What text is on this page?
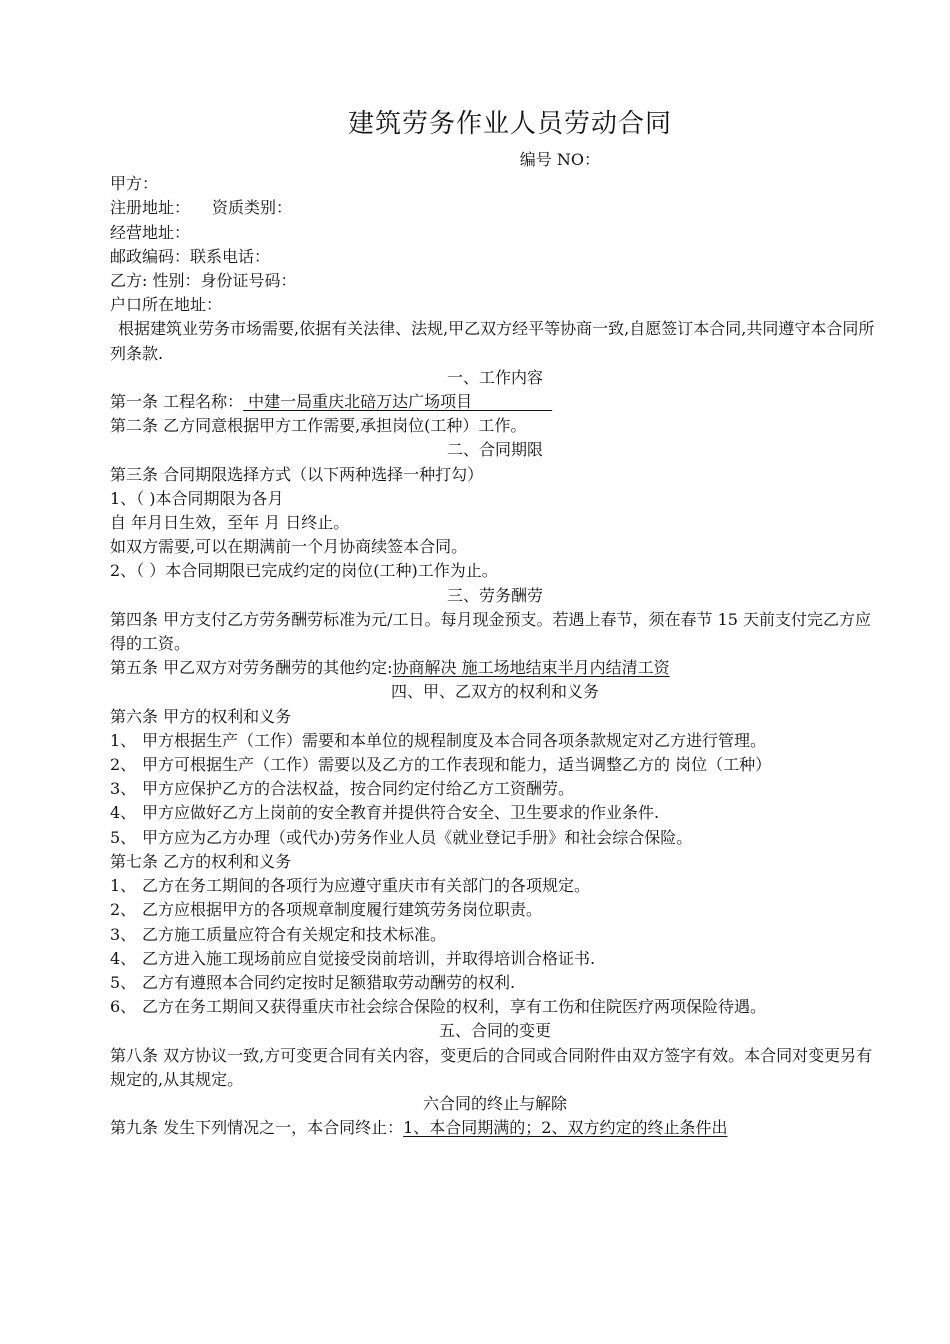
建筑劳务作业人员劳动合同
编号 NO：
甲方：
注册地址： 资质类别：
经营地址：
邮政编码：联系电话：
乙方: 性别：身份证号码：
户口所在地址：
根据建筑业劳务市场需要,依据有关法律、法规,甲乙双方经平等协商一致,自愿签订本合同,共同遵守本合同所列条款.
一、工作内容
第一条 工程名称： 中建一局重庆北碚万达广场项目　　　　　
第二条 乙方同意根据甲方工作需要,承担岗位(工种）工作。
二、合同期限
第三条 合同期限选择方式（以下两种选择一种打勾）
1、（ )本合同期限为各月
自 年月日生效，至年 月 日终止。
如双方需要,可以在期满前一个月协商续签本合同。
2、（ ）本合同期限已完成约定的岗位(工种)工作为止。
三、劳务酬劳
第四条 甲方支付乙方劳务酬劳标准为元/工日。每月现金预支。若遇上春节，须在春节 15 天前支付完乙方应得的工资。
第五条 甲乙双方对劳务酬劳的其他约定:协商解决 施工场地结束半月内结清工资
四、甲、乙双方的权利和义务
第六条 甲方的权利和义务
1、 甲方根据生产（工作）需要和本单位的规程制度及本合同各项条款规定对乙方进行管理。
2、 甲方可根据生产（工作）需要以及乙方的工作表现和能力，适当调整乙方的 岗位（工种）
3、 甲方应保护乙方的合法权益，按合同约定付给乙方工资酬劳。
4、 甲方应做好乙方上岗前的安全教育并提供符合安全、卫生要求的作业条件.
5、 甲方应为乙方办理（或代办)劳务作业人员《就业登记手册》和社会综合保险。
第七条 乙方的权利和义务
1、 乙方在务工期间的各项行为应遵守重庆市有关部门的各项规定。
2、 乙方应根据甲方的各项规章制度履行建筑劳务岗位职责。
3、 乙方施工质量应符合有关规定和技术标准。
4、 乙方进入施工现场前应自觉接受岗前培训，并取得培训合格证书.
5、 乙方有遵照本合同约定按时足额猎取劳动酬劳的权利.
6、 乙方在务工期间又获得重庆市社会综合保险的权利，享有工伤和住院医疗两项保险待遇。
五、合同的变更
第八条 双方协议一致,方可变更合同有关内容，变更后的合同或合同附件由双方签字有效。本合同对变更另有规定的,从其规定。
六合同的终止与解除
第九条 发生下列情况之一，本合同终止：1、本合同期满的；2、双方约定的终止条件出
